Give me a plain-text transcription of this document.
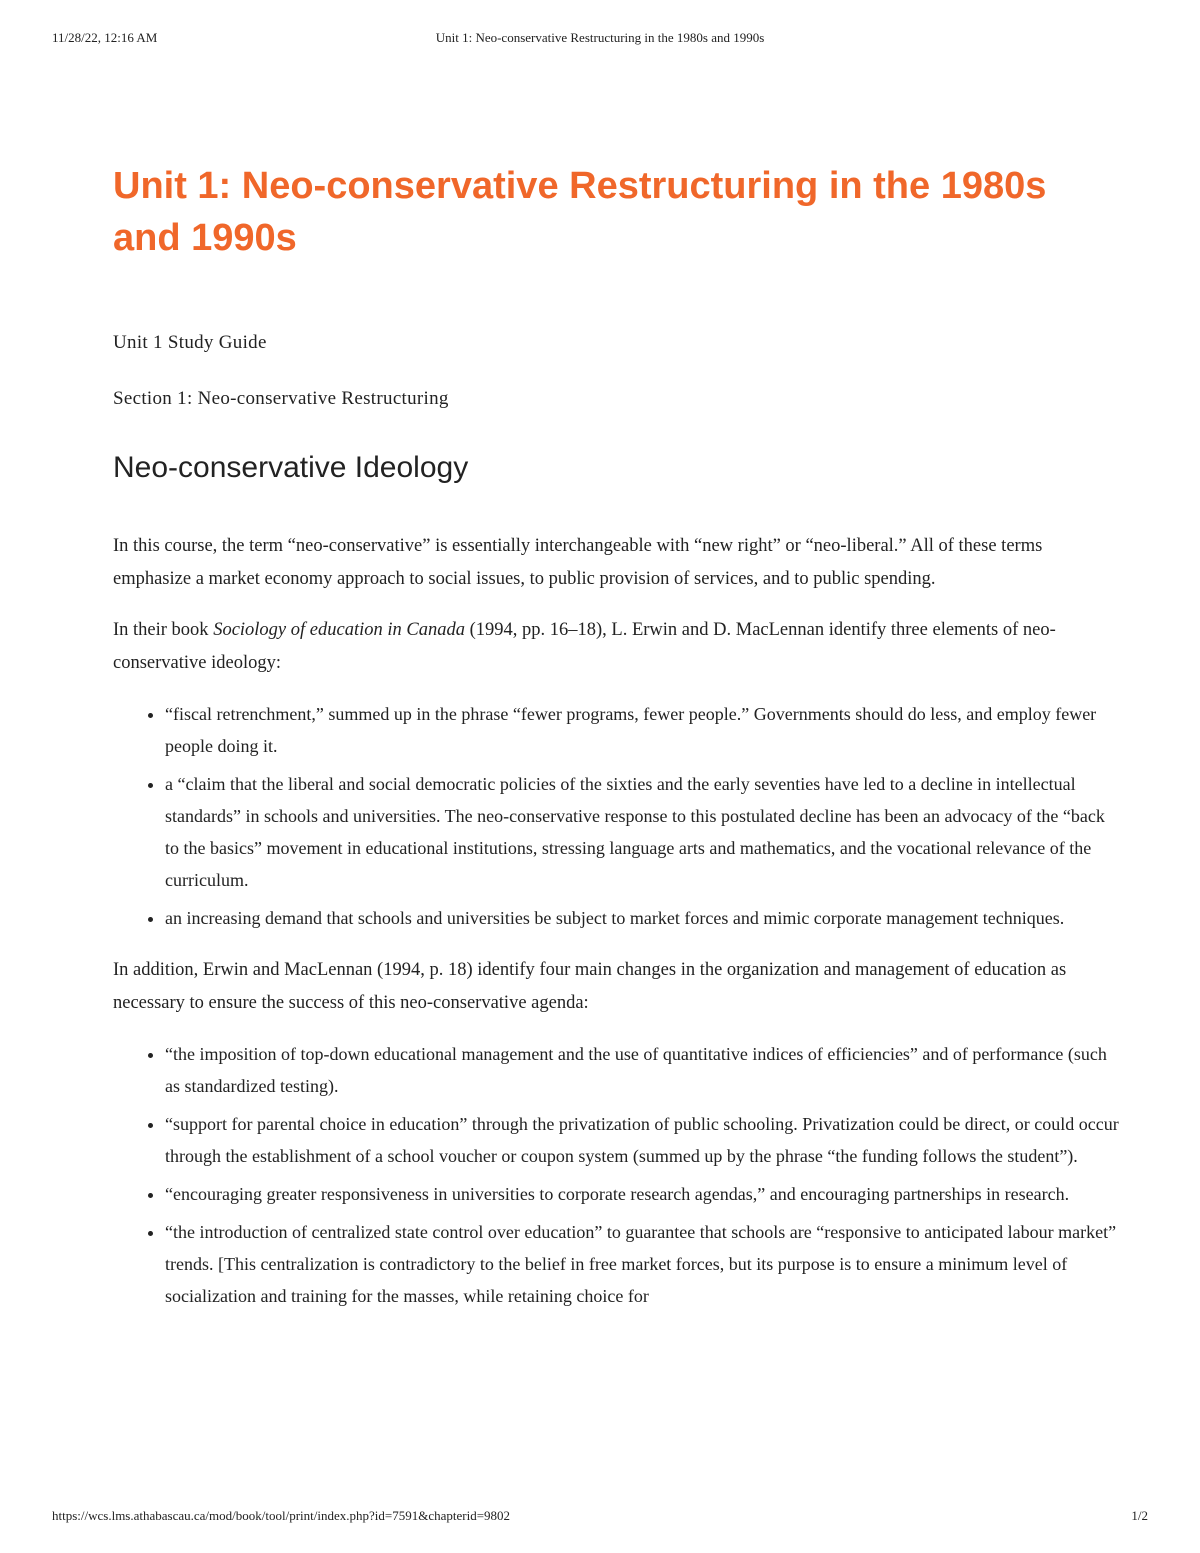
11/28/22, 12:16 AM	Unit 1: Neo-conservative Restructuring in the 1980s and 1990s
Unit 1: Neo-conservative Restructuring in the 1980s and 1990s

Unit 1 Study Guide

Section 1: Neo-conservative Restructuring

Neo-conservative Ideology

In this course, the term “neo-conservative” is essentially interchangeable with “new right” or “neo-liberal.” All of these terms emphasize a market economy approach to social issues, to public provision of services, and to public spending.

In their book Sociology of education in Canada (1994, pp. 16–18), L. Erwin and D. MacLennan identify three elements of neo-conservative ideology:

• “fiscal retrenchment,” summed up in the phrase “fewer programs, fewer people.” Governments should do less, and employ fewer people doing it.
• a “claim that the liberal and social democratic policies of the sixties and the early seventies have led to a decline in intellectual standards” in schools and universities. The neo-conservative response to this postulated decline has been an advocacy of the “back to the basics” movement in educational institutions, stressing language arts and mathematics, and the vocational relevance of the curriculum.
• an increasing demand that schools and universities be subject to market forces and mimic corporate management techniques.

In addition, Erwin and MacLennan (1994, p. 18) identify four main changes in the organization and management of education as necessary to ensure the success of this neo-conservative agenda:

• “the imposition of top-down educational management and the use of quantitative indices of efficiencies” and of performance (such as standardized testing).
• “support for parental choice in education” through the privatization of public schooling. Privatization could be direct, or could occur through the establishment of a school voucher or coupon system (summed up by the phrase “the funding follows the student”).
• “encouraging greater responsiveness in universities to corporate research agendas,” and encouraging partnerships in research.
• “the introduction of centralized state control over education” to guarantee that schools are “responsive to anticipated labour market” trends. [This centralization is contradictory to the belief in free market forces, but its purpose is to ensure a minimum level of socialization and training for the masses, while retaining choice for
https://wcs.lms.athabascau.ca/mod/book/tool/print/index.php?id=7591&chapterid=9802	1/2
